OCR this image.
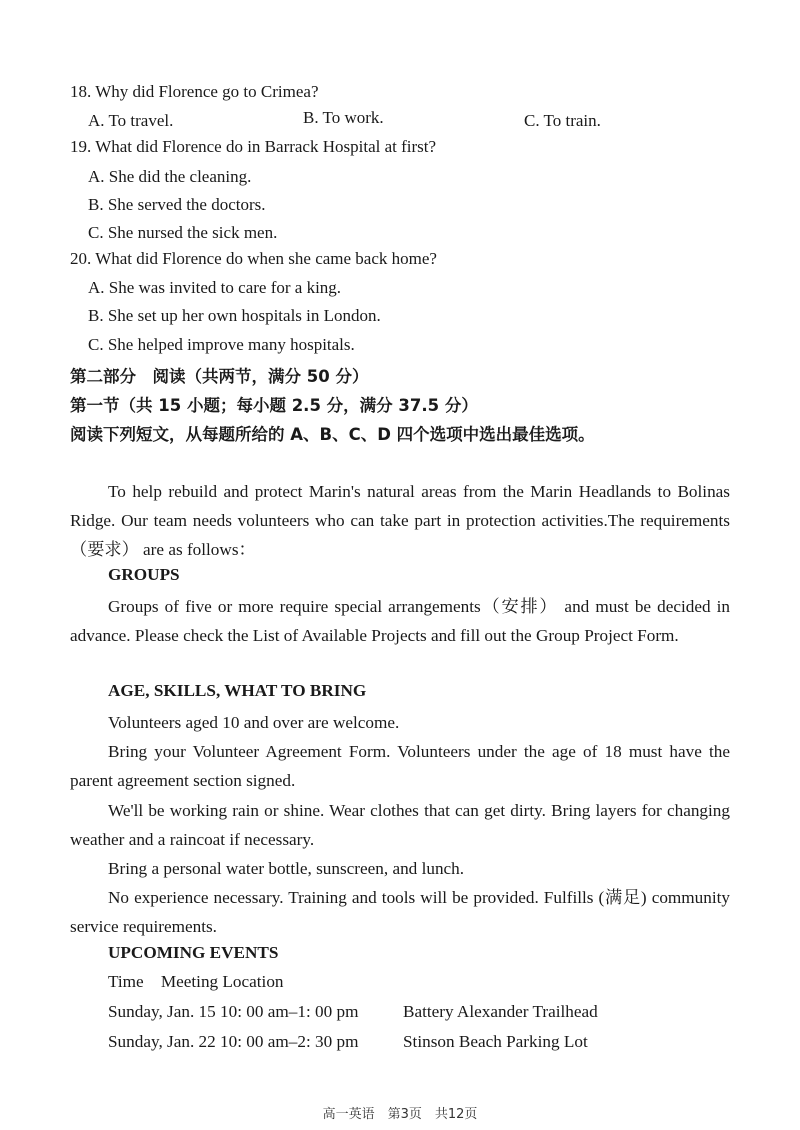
18. Why did Florence go to Crimea?
A. To travel.	B. To work.	C. To train.
19. What did Florence do in Barrack Hospital at first?
A. She did the cleaning.
B. She served the doctors.
C. She nursed the sick men.
20. What did Florence do when she came back home?
A. She was invited to care for a king.
B. She set up her own hospitals in London.
C. She helped improve many hospitals.
第二部分　阅读（共两节，满分 50 分）
第一节（共 15 小题；每小题 2.5 分，满分 37.5 分）
阅读下列短文，从每题所给的 A、B、C、D 四个选项中选出最佳选项。
To help rebuild and protect Marin's natural areas from the Marin Headlands to Bolinas Ridge. Our team needs volunteers who can take part in protection activities.The requirements（要求） are as follows：
GROUPS
Groups of five or more require special arrangements（安排） and must be decided in advance. Please check the List of Available Projects and fill out the Group Project Form.
AGE, SKILLS, WHAT TO BRING
Volunteers aged 10 and over are welcome.
Bring your Volunteer Agreement Form. Volunteers under the age of 18 must have the parent agreement section signed.
We'll be working rain or shine. Wear clothes that can get dirty. Bring layers for changing weather and a raincoat if necessary.
Bring a personal water bottle, sunscreen, and lunch.
No experience necessary. Training and tools will be provided. Fulfills (满足) community service requirements.
UPCOMING EVENTS
Time    Meeting Location
Sunday, Jan. 15 10: 00 am–1: 00 pm	Battery Alexander Trailhead
Sunday, Jan. 22 10: 00 am–2: 30 pm	Stinson Beach Parking Lot
高一英语　第3页　共12页
